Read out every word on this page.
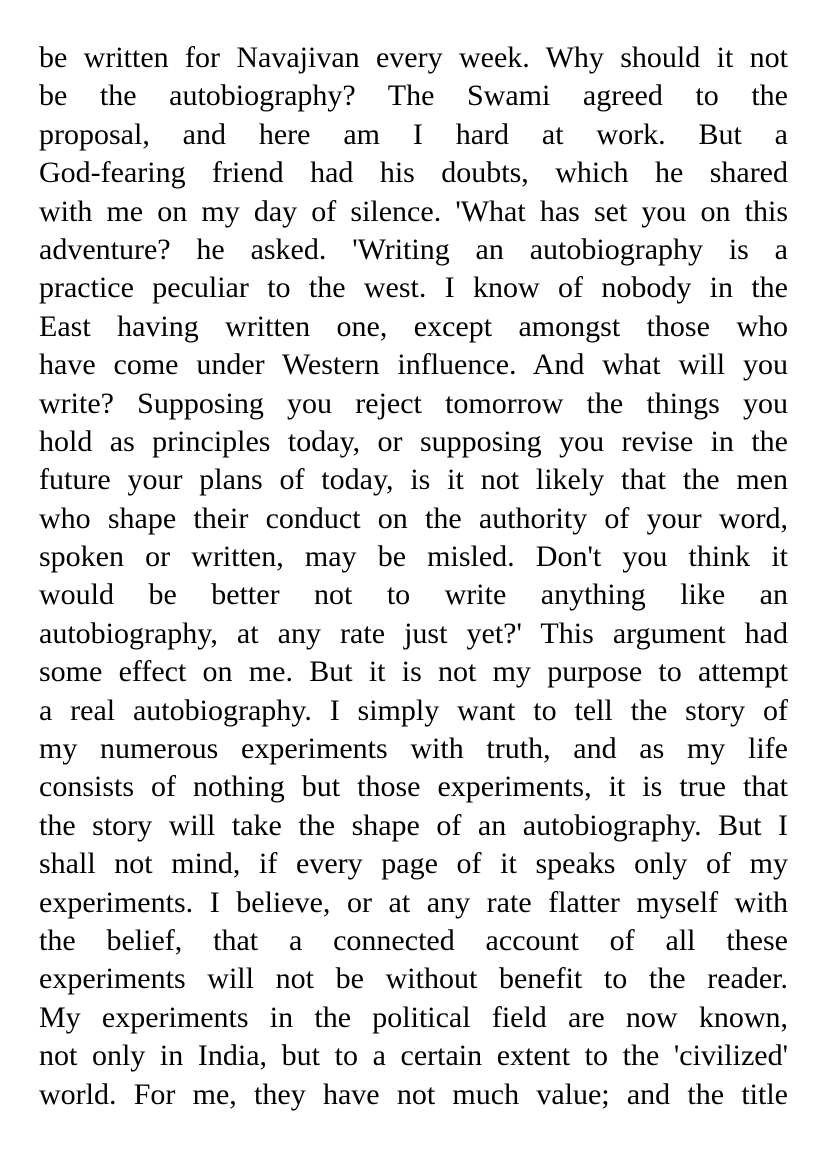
be written for Navajivan every week. Why should it not
be the autobiography? The Swami agreed to the
proposal, and here am I hard at work. But a
God-fearing friend had his doubts, which he shared
with me on my day of silence. 'What has set you on this
adventure? he asked. 'Writing an autobiography is a
practice peculiar to the west. I know of nobody in the
East having written one, except amongst those who
have come under Western influence. And what will you
write? Supposing you reject tomorrow the things you
hold as principles today, or supposing you revise in the
future your plans of today, is it not likely that the men
who shape their conduct on the authority of your word,
spoken or written, may be misled. Don't you think it
would be better not to write anything like an
autobiography, at any rate just yet?' This argument had
some effect on me. But it is not my purpose to attempt
a real autobiography. I simply want to tell the story of
my numerous experiments with truth, and as my life
consists of nothing but those experiments, it is true that
the story will take the shape of an autobiography. But I
shall not mind, if every page of it speaks only of my
experiments. I believe, or at any rate flatter myself with
the belief, that a connected account of all these
experiments will not be without benefit to the reader.
My experiments in the political field are now known,
not only in India, but to a certain extent to the 'civilized'
world. For me, they have not much value; and the title
